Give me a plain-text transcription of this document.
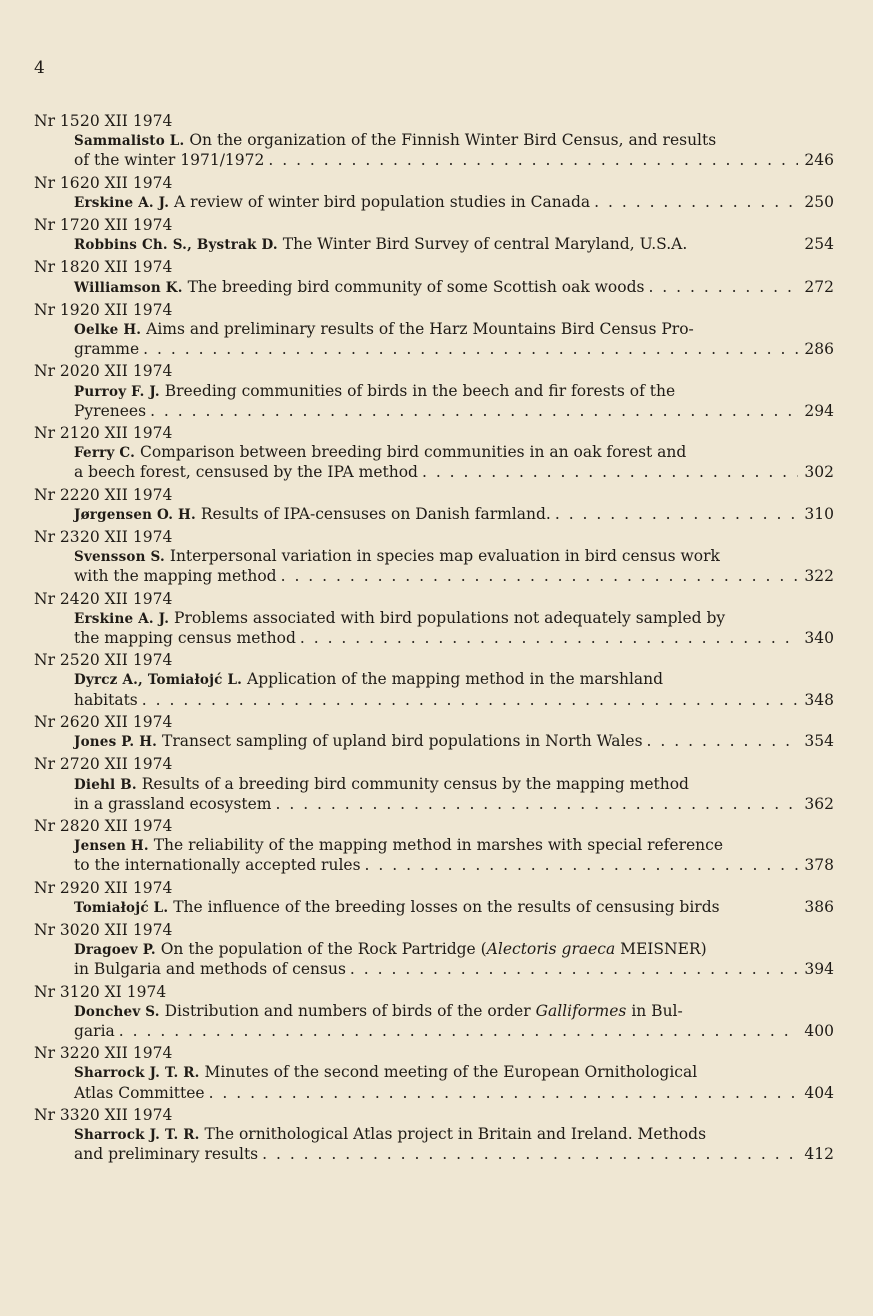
4
Nr 15.20 XII 1974
Sammalisto L. On the organization of the Finnish Winter Bird Census, and results
of the winter 1971/1972 . . .	246
Nr 16.20 XII 1974
Erskine A. J. A review of winter bird population studies in Canada . . .	250
Nr 17.20 XII 1974
Robbins Ch. S., Bystrak D. The Winter Bird Survey of central Maryland, U.S.A.	254
Nr 18.20 XII 1974
Williamson K. The breeding bird community of some Scottish oak woods . . .	272
Nr 19.20 XII 1974
Oelke H. Aims and preliminary results of the Harz Mountains Bird Census Pro-
gramme . . .	286
Nr 20.20 XII 1974
Purroy F. J. Breeding communities of birds in the beech and fir forests of the
Pyrenees . . .	294
Nr 21.20 XII 1974
Ferry C. Comparison between breeding bird communities in an oak forest and
a beech forest, censused by the IPA method . . .	302
Nr 22.20 XII 1974
Jørgensen O. H. Results of IPA-censuses on Danish farmland. . . .	310
Nr 23.20 XII 1974
Svensson S. Interpersonal variation in species map evaluation in bird census work
with the mapping method . . .	322
Nr 24.20 XII 1974
Erskine A. J. Problems associated with bird populations not adequately sampled by
the mapping census method . . .	340
Nr 25.20 XII 1974
Dyrcz A., Tomiałojć L. Application of the mapping method in the marshland
habitats . . .	348
Nr 26.20 XII 1974
Jones P. H. Transect sampling of upland bird populations in North Wales . . .	354
Nr 27.20 XII 1974
Diehl B. Results of a breeding bird community census by the mapping method
in a grassland ecosystem . . .	362
Nr 28.20 XII 1974
Jensen H. The reliability of the mapping method in marshes with special reference
to the internationally accepted rules . . .	378
Nr 29.20 XII 1974
Tomiałojć L. The influence of the breeding losses on the results of censusing birds	386
Nr 30.20 XII 1974
Dragoev P. On the population of the Rock Partridge (Alectoris graeca MEISNER)
in Bulgaria and methods of census . . .	394
Nr 31.20 XI 1974
Donchev S. Distribution and numbers of birds of the order Galliformes in Bul-
garia . . .	400
Nr 32.20 XII 1974
Sharrock J. T. R. Minutes of the second meeting of the European Ornithological
Atlas Committee . . .	404
Nr 33.20 XII 1974
Sharrock J. T. R. The ornithological Atlas project in Britain and Ireland. Methods
and preliminary results . . .	412
